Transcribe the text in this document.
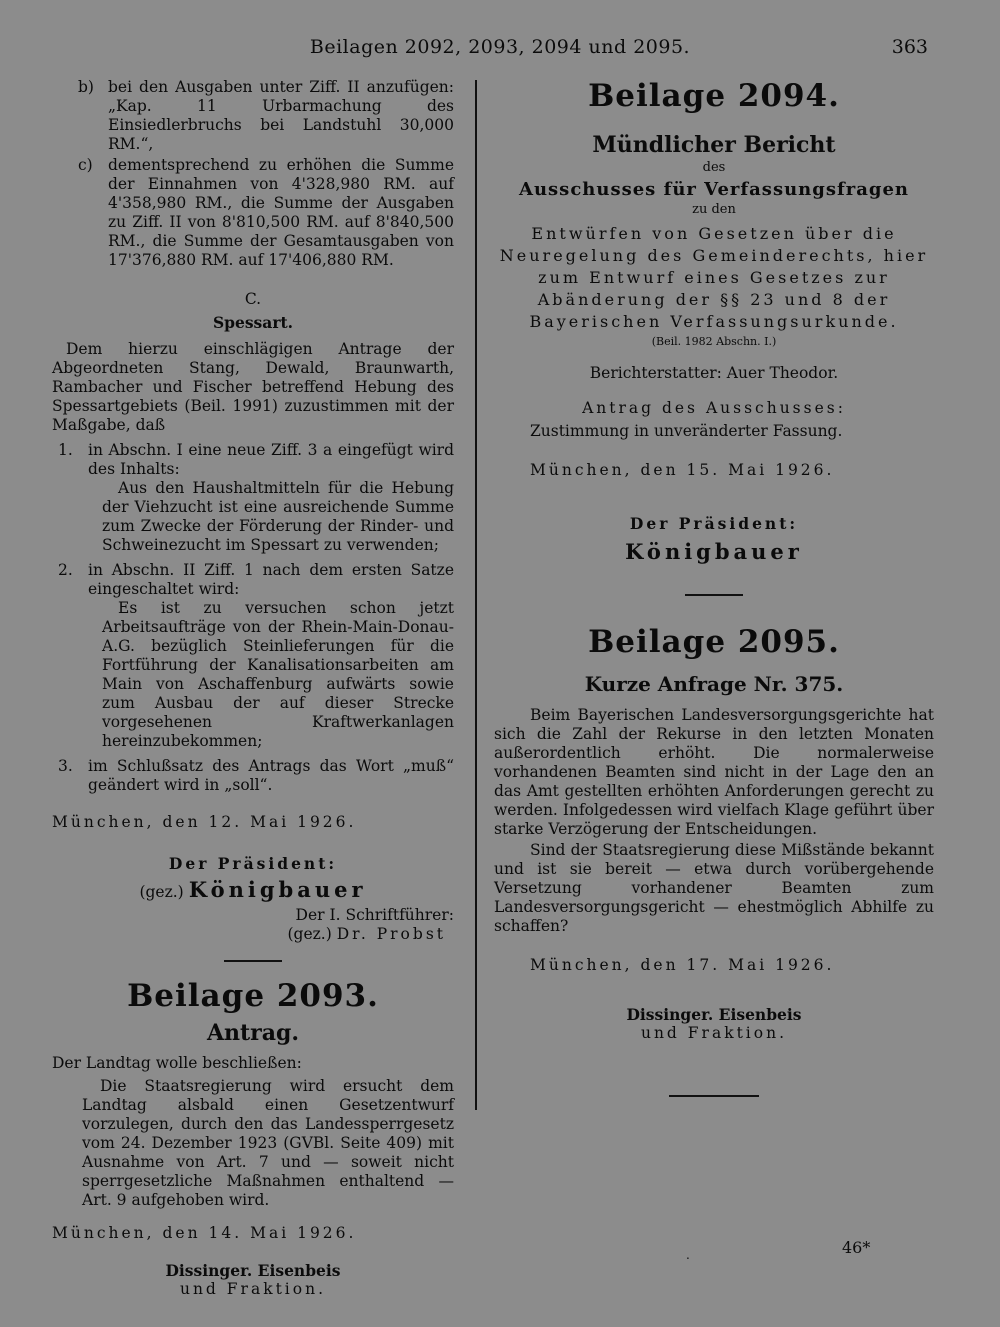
Beilagen 2092, 2093, 2094 und 2095.	363
b) bei den Ausgaben unter Ziff. II anzufügen: „Kap. 11 Urbarmachung des Einsiedlerbruchs bei Landstuhl 30,000 RM.“,
c) dementsprechend zu erhöhen die Summe der Einnahmen von 4'328,980 RM. auf 4'358,980 RM., die Summe der Ausgaben zu Ziff. II von 8'810,500 RM. auf 8'840,500 RM., die Summe der Gesamtausgaben von 17'376,880 RM. auf 17'406,880 RM.

C.

Spessart.

Dem hierzu einschlägigen Antrage der Abgeordneten Stang, Dewald, Braunwarth, Rambacher und Fischer betreffend Hebung des Spessartgebiets (Beil. 1991) zuzustimmen mit der Maßgabe, daß

1. in Abschn. I eine neue Ziff. 3 a eingefügt wird des Inhalts:

Aus den Haushaltmitteln für die Hebung der Viehzucht ist eine ausreichende Summe zum Zwecke der Förderung der Rinder- und Schweinezucht im Spessart zu verwenden;

2. in Abschn. II Ziff. 1 nach dem ersten Satze eingeschaltet wird:

Es ist zu versuchen schon jetzt Arbeitsaufträge von der Rhein-Main-Donau-A.G. bezüglich Steinlieferungen für die Fortführung der Kanalisationsarbeiten am Main von Aschaffenburg aufwärts sowie zum Ausbau der auf dieser Strecke vorgesehenen Kraftwerkanlagen hereinzubekommen;

3. im Schlußsatz des Antrags das Wort „muß“ geändert wird in „soll“.

München, den 12. Mai 1926.

Der Präsident:

(gez.) Königbauer

Der I. Schriftführer:

(gez.) Dr. Probst

Beilage 2093.

Antrag.

Der Landtag wolle beschließen:

Die Staatsregierung wird ersucht dem Landtag alsbald einen Gesetzentwurf vorzulegen, durch den das Landessperrgesetz vom 24. Dezember 1923 (GVBl. Seite 409) mit Ausnahme von Art. 7 und — soweit nicht sperrgesetzliche Maßnahmen enthaltend — Art. 9 aufgehoben wird.

München, den 14. Mai 1926.

Dissinger. Eisenbeis

und Fraktion.

Beilage 2094.

Mündlicher Bericht

des

Ausschusses für Verfassungsfragen

zu den

Entwürfen von Gesetzen über die Neuregelung des Gemeinderechts, hier zum Entwurf eines Gesetzes zur Abänderung der §§ 23 und 8 der Bayerischen Verfassungsurkunde.

(Beil. 1982 Abschn. I.)

Berichterstatter: Auer Theodor.

Antrag des Ausschusses:

Zustimmung in unveränderter Fassung.

München, den 15. Mai 1926.

Der Präsident:

Königbauer

Beilage 2095.

Kurze Anfrage Nr. 375.

Beim Bayerischen Landesversorgungsgerichte hat sich die Zahl der Rekurse in den letzten Monaten außerordentlich erhöht. Die normalerweise vorhandenen Beamten sind nicht in der Lage den an das Amt gestellten erhöhten Anforderungen gerecht zu werden. Infolgedessen wird vielfach Klage geführt über starke Verzögerung der Entscheidungen.

Sind der Staatsregierung diese Mißstände bekannt und ist sie bereit — etwa durch vorübergehende Versetzung vorhandener Beamten zum Landesversorgungsgericht — ehestmöglich Abhilfe zu schaffen?

München, den 17. Mai 1926.

Dissinger. Eisenbeis

und Fraktion.

.	46*
